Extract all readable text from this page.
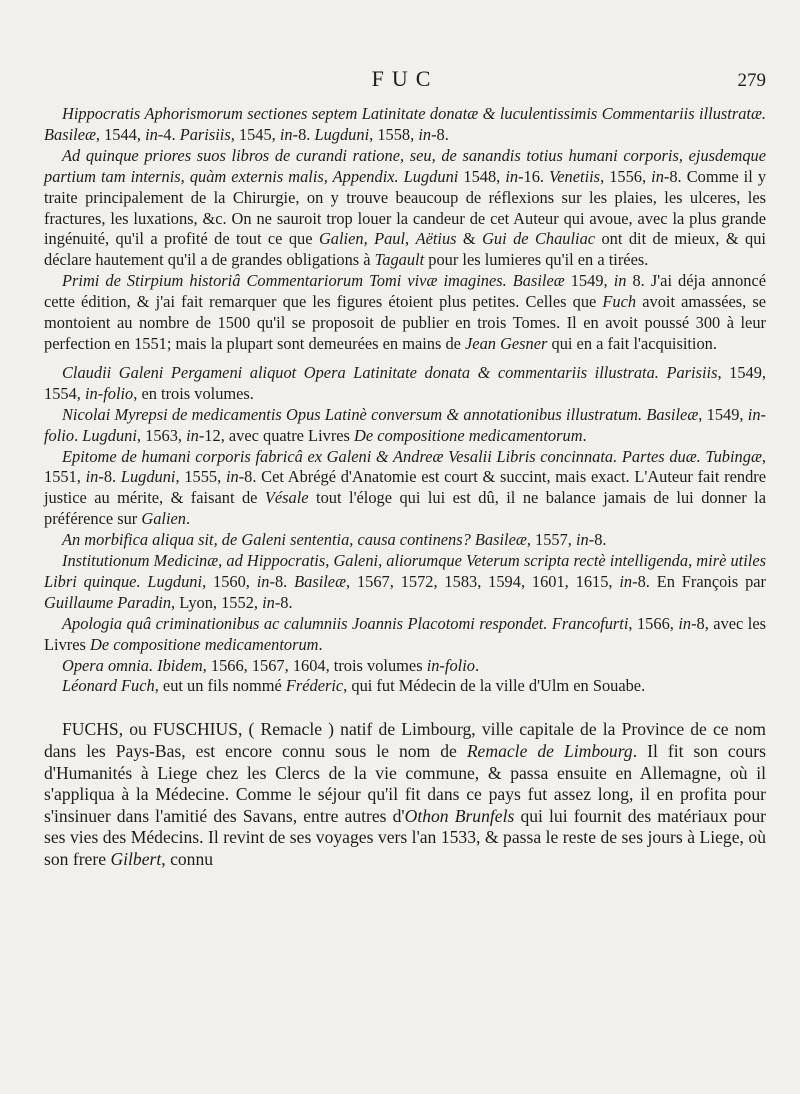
FUC	279

Hippocratis Aphorismorum sectiones septem Latinitate donatæ & luculentissimis Commentariis illustratæ. Basileæ, 1544, in-4. Parisiis, 1545, in-8. Lugduni, 1558, in-8.

Ad quinque priores suos libros de curandi ratione, seu, de sanandis totius humani corporis, ejusdemque partium tam internis, quàm externis malis, Appendix. Lugduni 1548, in-16. Venetiis, 1556, in-8. Comme il y traite principalement de la Chirurgie, on y trouve beaucoup de réflexions sur les plaies, les ulceres, les fractures, les luxations, &c. On ne sauroit trop louer la candeur de cet Auteur qui avoue, avec la plus grande ingénuité, qu'il a profité de tout ce que Galien, Paul, Aëtius & Gui de Chauliac ont dit de mieux, & qui déclare hautement qu'il a de grandes obligations à Tagault pour les lumieres qu'il en a tirées.

Primi de Stirpium historiâ Commentariorum Tomi vivæ imagines. Basileæ 1549, in 8. J'ai déja annoncé cette édition, & j'ai fait remarquer que les figures étoient plus petites. Celles que Fuch avoit amassées, se montoient au nombre de 1500 qu'il se proposoit de publier en trois Tomes. Il en avoit poussé 300 à leur perfection en 1551; mais la plupart sont demeurées en mains de Jean Gesner qui en a fait l'acquisition.

Claudii Galeni Pergameni aliquot Opera Latinitate donata & commentariis illustrata. Parisiis, 1549, 1554, in-folio, en trois volumes.

Nicolai Myrepsi de medicamentis Opus Latinè conversum & annotationibus illustratum. Basileæ, 1549, in-folio. Lugduni, 1563, in-12, avec quatre Livres De compositione medicamentorum.

Epitome de humani corporis fabricâ ex Galeni & Andreæ Vesalii Libris concinnata. Partes duæ. Tubingæ, 1551, in-8. Lugduni, 1555, in-8. Cet Abrégé d'Anatomie est court & succint, mais exact. L'Auteur fait rendre justice au mérite, & faisant de Vésale tout l'éloge qui lui est dû, il ne balance jamais de lui donner la préférence sur Galien.

An morbifica aliqua sit, de Galeni sententia, causa continens? Basileæ, 1557, in-8.

Institutionum Medicinæ, ad Hippocratis, Galeni, aliorumque Veterum scripta rectè intelligenda, mirè utiles Libri quinque. Lugduni, 1560, in-8. Basileæ, 1567, 1572, 1583, 1594, 1601, 1615, in-8. En François par Guillaume Paradin, Lyon, 1552, in-8.

Apologia quâ criminationibus ac calumniis Joannis Placotomi respondet. Francofurti, 1566, in-8, avec les Livres De compositione medicamentorum.

Opera omnia. Ibidem, 1566, 1567, 1604, trois volumes in-folio.

Léonard Fuch, eut un fils nommé Fréderic, qui fut Médecin de la ville d'Ulm en Souabe.

FUCHS, ou FUSCHIUS, ( Remacle ) natif de Limbourg, ville capitale de la Province de ce nom dans les Pays-Bas, est encore connu sous le nom de Remacle de Limbourg. Il fit son cours d'Humanités à Liege chez les Clercs de la vie commune, & passa ensuite en Allemagne, où il s'appliqua à la Médecine. Comme le séjour qu'il fit dans ce pays fut assez long, il en profita pour s'insinuer dans l'amitié des Savans, entre autres d'Othon Brunfels qui lui fournit des matériaux pour ses vies des Médecins. Il revint de ses voyages vers l'an 1533, & passa le reste de ses jours à Liege, où son frere Gilbert, connu
